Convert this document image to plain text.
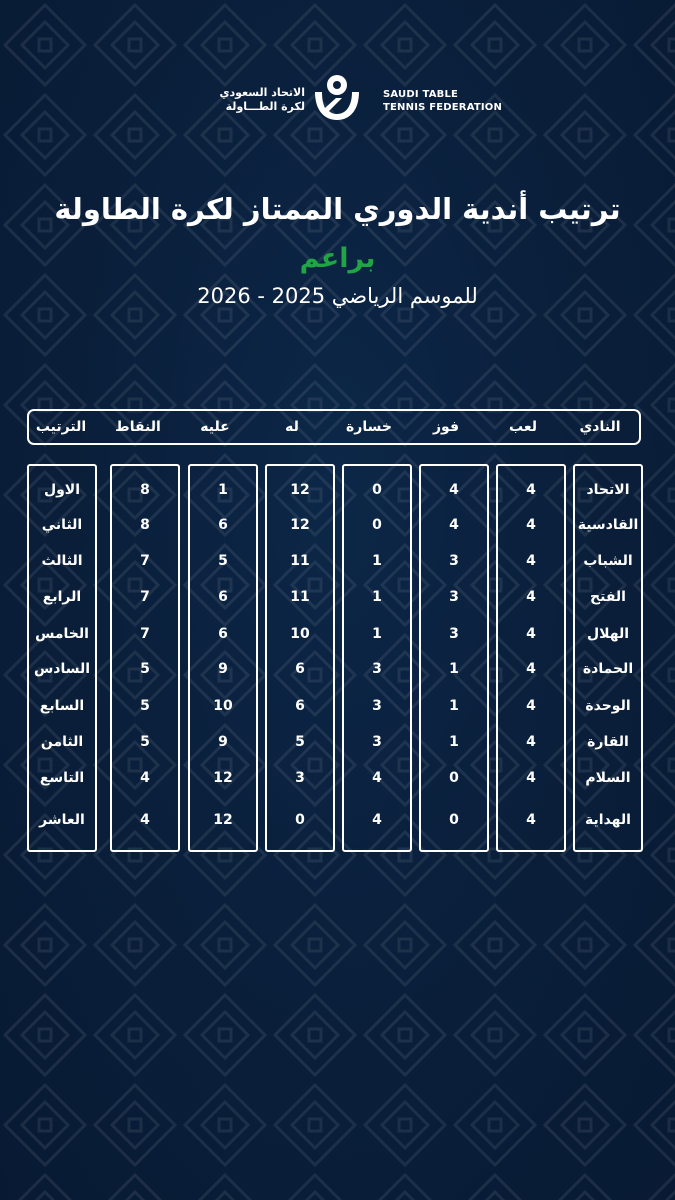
الاتحاد السعودي
لكرة الطـــاولة
SAUDI TABLE
TENNIS FEDERATION
ترتيب أندية الدوري الممتاز لكرة الطاولة
براعم
للموسم الرياضي 2025 - 2026
النادي
لعب
فوز
خسارة
له
عليه
النقاط
الترتيب
الاتحاد
القادسية
الشباب
الفتح
الهلال
الحمادة
الوحدة
القارة
السلام
الهداية
4
4
4
4
4
4
4
4
4
4
4
4
3
3
3
1
1
1
0
0
0
0
1
1
1
3
3
3
4
4
12
12
11
11
10
6
6
5
3
0
1
6
5
6
6
9
10
9
12
12
8
8
7
7
7
5
5
5
4
4
الاول
الثاني
الثالث
الرابع
الخامس
السادس
السابع
الثامن
التاسع
العاشر
